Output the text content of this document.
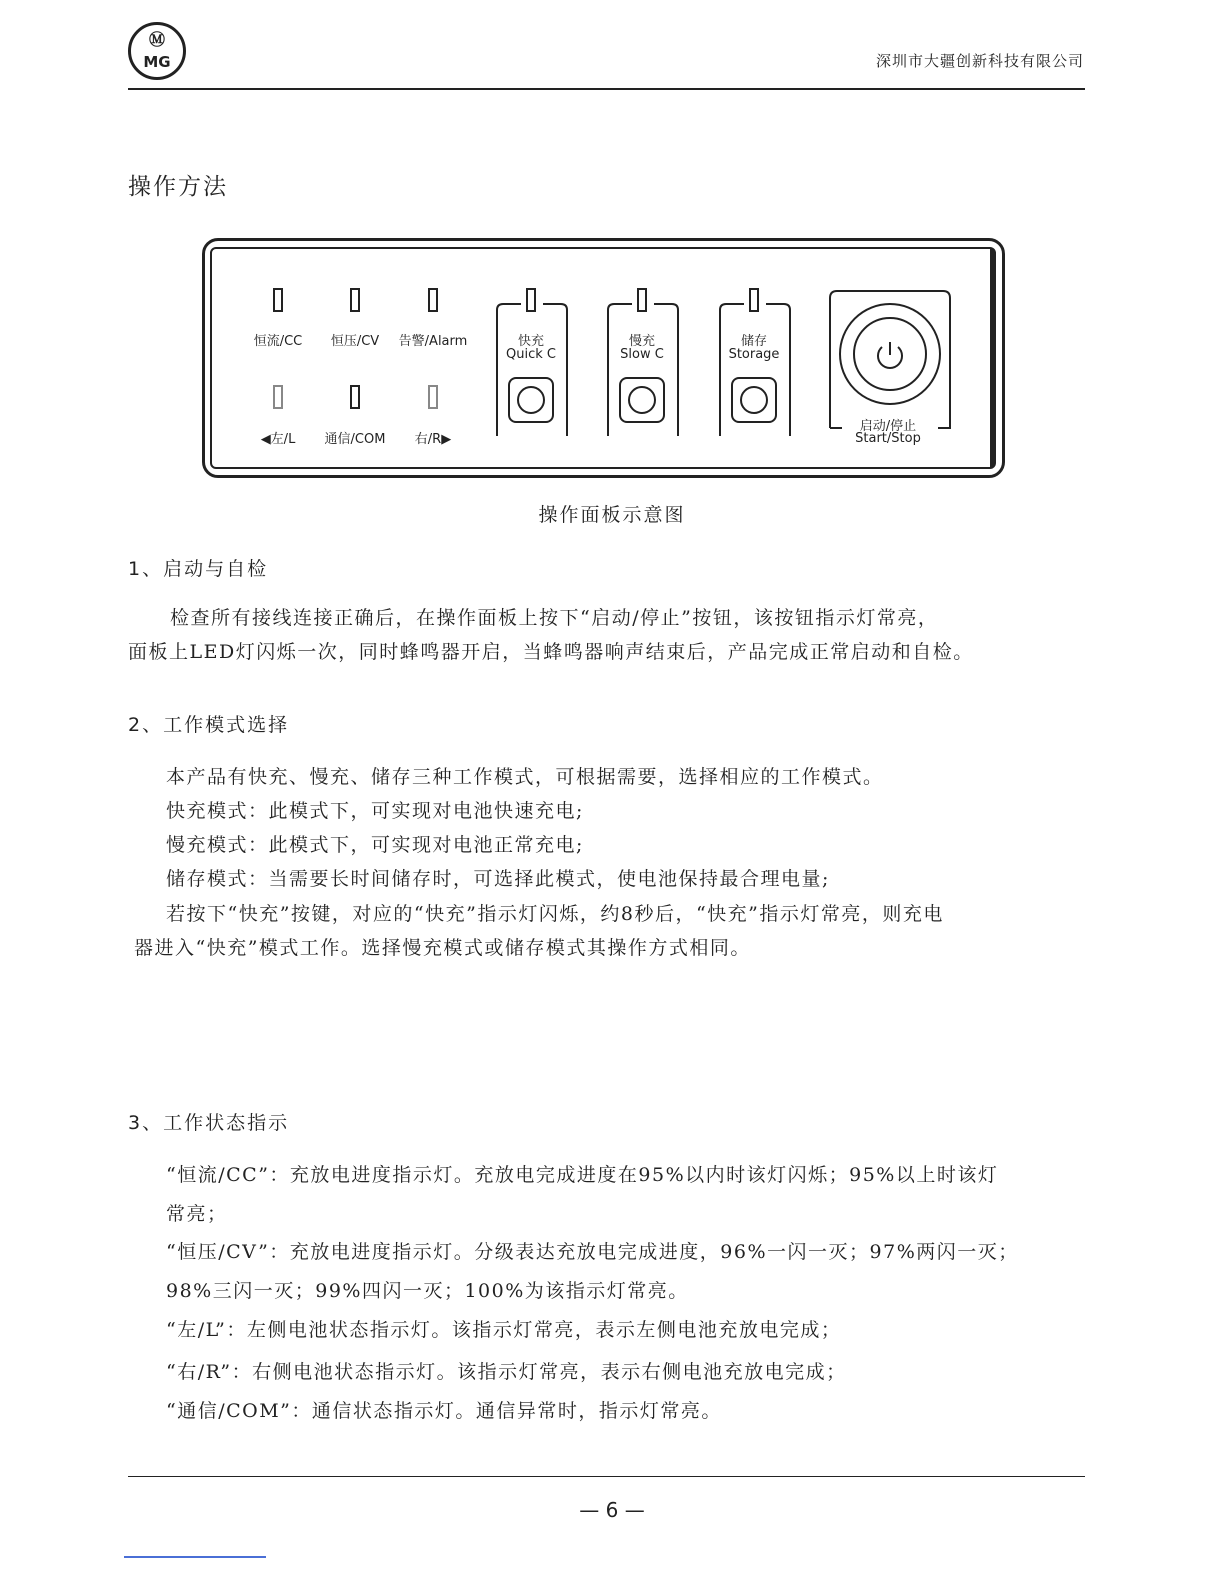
Ⓜ
MG	深圳市大疆创新科技有限公司
操作方法
恒流/CC	恒压/CV	告警/Alarm
◀左/L	通信/COM	右/R▶
快充
Quick C
慢充
Slow C
储存
Storage
启动/停止
Start/Stop
操作面板示意图
1、启动与自检
检查所有接线连接正确后，在操作面板上按下“启动/停止”按钮，该按钮指示灯常亮，
面板上LED灯闪烁一次，同时蜂鸣器开启，当蜂鸣器响声结束后，产品完成正常启动和自检。
2、工作模式选择
本产品有快充、慢充、储存三种工作模式，可根据需要，选择相应的工作模式。
快充模式：此模式下，可实现对电池快速充电;
慢充模式：此模式下，可实现对电池正常充电;
储存模式：当需要长时间储存时，可选择此模式，使电池保持最合理电量;
若按下“快充”按键，对应的“快充”指示灯闪烁，约8秒后，“快充”指示灯常亮，则充电
器进入“快充”模式工作。选择慢充模式或储存模式其操作方式相同。
3、工作状态指示
“恒流/CC”：充放电进度指示灯。充放电完成进度在95%以内时该灯闪烁；95%以上时该灯
常亮；
“恒压/CV”：充放电进度指示灯。分级表达充放电完成进度，96%一闪一灭；97%两闪一灭；
98%三闪一灭；99%四闪一灭；100%为该指示灯常亮。
“左/L”：左侧电池状态指示灯。该指示灯常亮，表示左侧电池充放电完成；
“右/R”：右侧电池状态指示灯。该指示灯常亮，表示右侧电池充放电完成；
“通信/COM”：通信状态指示灯。通信异常时，指示灯常亮。
— 6 —
